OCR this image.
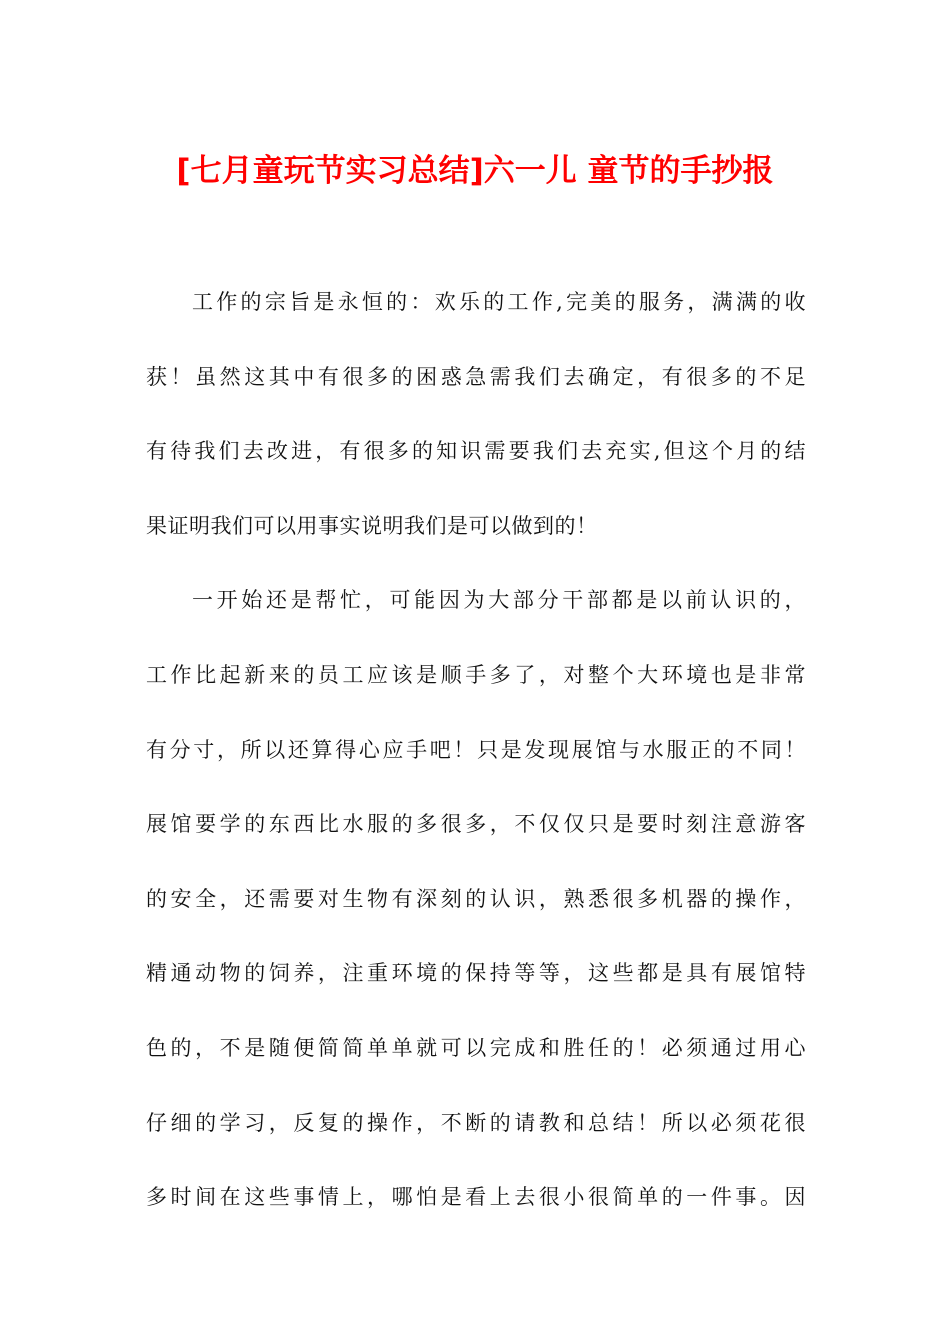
[七月童玩节实习总结]六一儿 童节的手抄报
工作的宗旨是永恒的：欢乐的工作,完美的服务，满满的收
获！虽然这其中有很多的困惑急需我们去确定，有很多的不足
有待我们去改进，有很多的知识需要我们去充实,但这个月的结
果证明我们可以用事实说明我们是可以做到的！
一开始还是帮忙，可能因为大部分干部都是以前认识的，
工作比起新来的员工应该是顺手多了，对整个大环境也是非常
有分寸，所以还算得心应手吧！只是发现展馆与水服正的不同！
展馆要学的东西比水服的多很多，不仅仅只是要时刻注意游客
的安全，还需要对生物有深刻的认识，熟悉很多机器的操作，
精通动物的饲养，注重环境的保持等等，这些都是具有展馆特
色的，不是随便简简单单就可以完成和胜任的！必须通过用心
仔细的学习，反复的操作，不断的请教和总结！所以必须花很
多时间在这些事情上，哪怕是看上去很小很简单的一件事。因
